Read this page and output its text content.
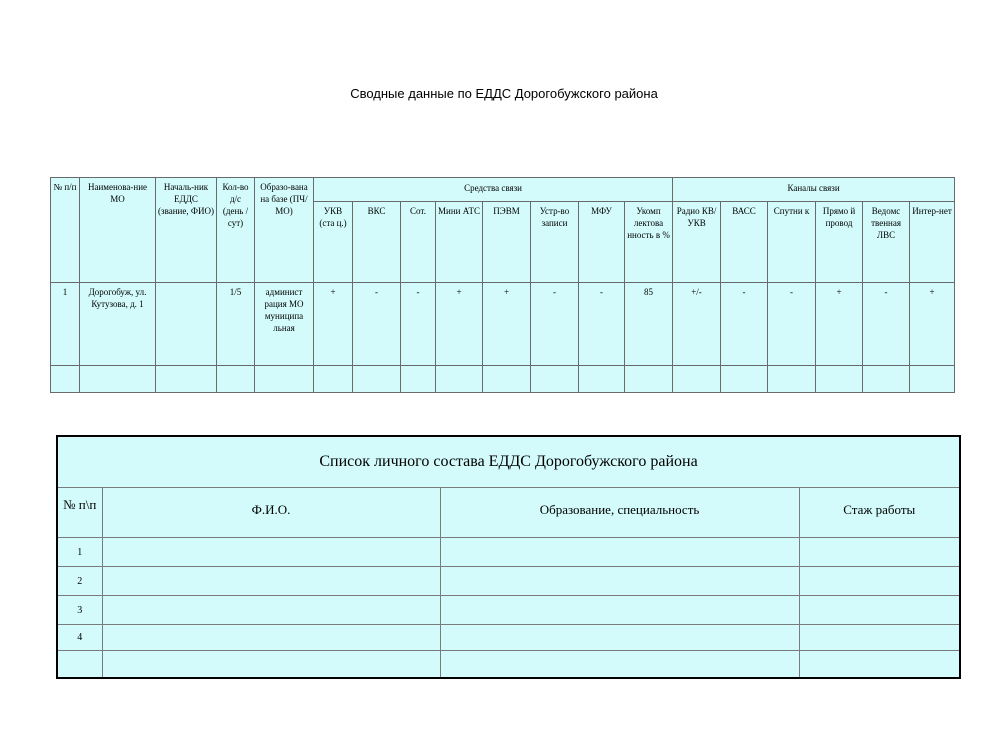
Сводные данные по ЕДДС Дорогобужского района
№ п/п	Наименова-ние МО	Началь-ник ЕДДС (звание, ФИО)	Кол-во д/с (день / сут)	Образо-вана на базе (ПЧ/МО)	Средства связи								Каналы связи					
					УКВ (ста ц.)	ВКС	Сот.	Мини АТС	ПЭВМ	Устр-во записи	МФУ	Укомп лектова нность в %	Радио КВ/УКВ	ВАСС	Спутни к	Прямо й провод	Ведомс твенная ЛВС	Интер-нет
1	Дорогобуж, ул. Кутузова, д. 1		1/5	админист рация МО муниципа льная	+	-	-	+	+	-	-	85	+/-	-	-	+	-	+

Список личного состава ЕДДС Дорогобужского района			
№ п\п	Ф.И.О.	Образование, специальность	Стаж работы
1			
2			
3			
4			
